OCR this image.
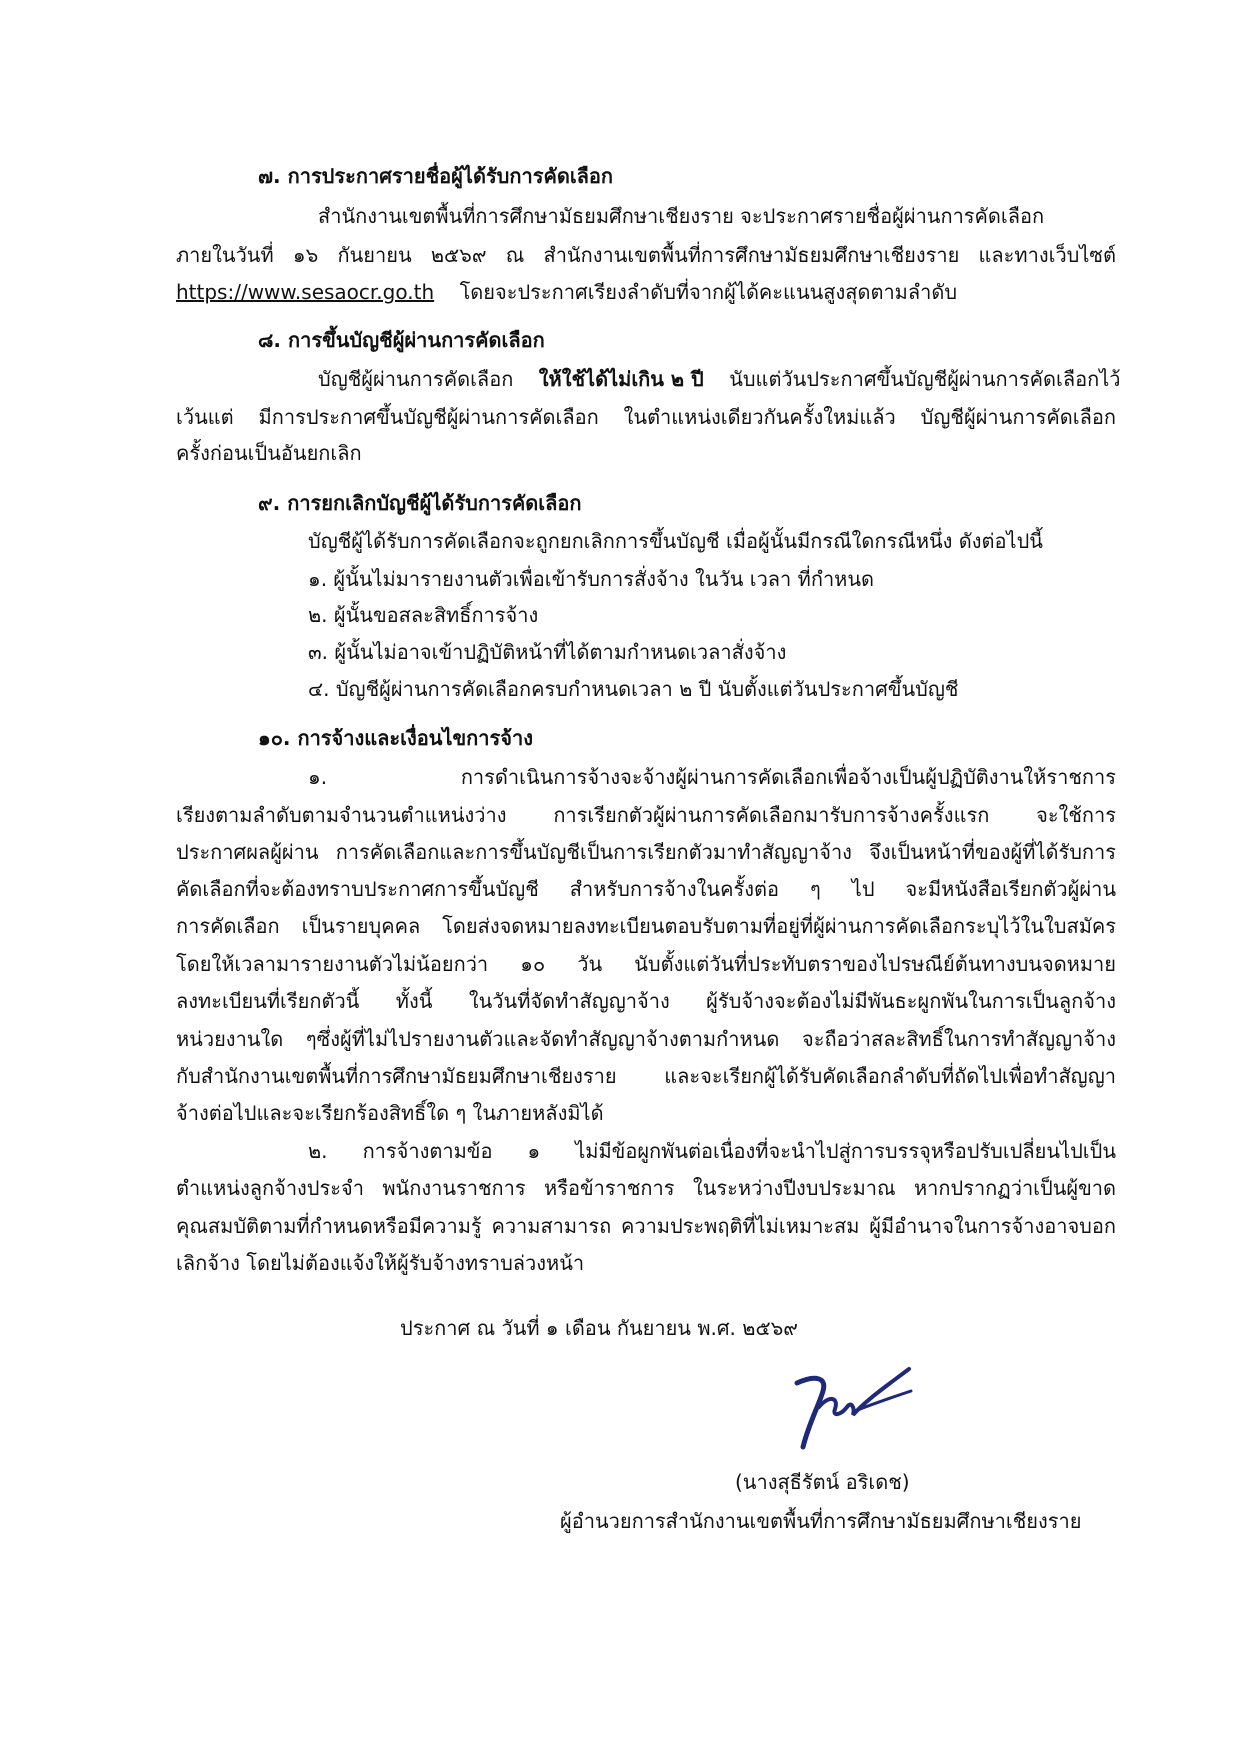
๗. การประกาศรายชื่อผู้ได้รับการคัดเลือก
สำนักงานเขตพื้นที่การศึกษามัธยมศึกษาเชียงราย จะประกาศรายชื่อผู้ผ่านการคัดเลือก
ภายในวันที่ ๑๖ กันยายน ๒๕๖๙ ณ สำนักงานเขตพื้นที่การศึกษามัธยมศึกษาเชียงราย และทางเว็บไซต์
https://www.sesaocr.go.th โดยจะประกาศเรียงลำดับที่จากผู้ได้คะแนนสูงสุดตามลำดับ
๘. การขึ้นบัญชีผู้ผ่านการคัดเลือก
บัญชีผู้ผ่านการคัดเลือก ให้ใช้ได้ไม่เกิน ๒ ปี นับแต่วันประกาศขึ้นบัญชีผู้ผ่านการคัดเลือกไว้
เว้นแต่ มีการประกาศขึ้นบัญชีผู้ผ่านการคัดเลือก ในตำแหน่งเดียวกันครั้งใหม่แล้ว บัญชีผู้ผ่านการคัดเลือก
ครั้งก่อนเป็นอันยกเลิก
๙. การยกเลิกบัญชีผู้ได้รับการคัดเลือก
บัญชีผู้ได้รับการคัดเลือกจะถูกยกเลิกการขึ้นบัญชี เมื่อผู้นั้นมีกรณีใดกรณีหนึ่ง ดังต่อไปนี้
๑. ผู้นั้นไม่มารายงานตัวเพื่อเข้ารับการสั่งจ้าง ในวัน เวลา ที่กำหนด
๒. ผู้นั้นขอสละสิทธิ์การจ้าง
๓. ผู้นั้นไม่อาจเข้าปฏิบัติหน้าที่ได้ตามกำหนดเวลาสั่งจ้าง
๔. บัญชีผู้ผ่านการคัดเลือกครบกำหนดเวลา ๒ ปี นับตั้งแต่วันประกาศขึ้นบัญชี
๑๐. การจ้างและเงื่อนไขการจ้าง
๑. การดำเนินการจ้างจะจ้างผู้ผ่านการคัดเลือกเพื่อจ้างเป็นผู้ปฏิบัติงานให้ราชการ
เรียงตามลำดับตามจำนวนตำแหน่งว่าง การเรียกตัวผู้ผ่านการคัดเลือกมารับการจ้างครั้งแรก จะใช้การ
ประกาศผลผู้ผ่าน การคัดเลือกและการขึ้นบัญชีเป็นการเรียกตัวมาทำสัญญาจ้าง จึงเป็นหน้าที่ของผู้ที่ได้รับการ
คัดเลือกที่จะต้องทราบประกาศการขึ้นบัญชี สำหรับการจ้างในครั้งต่อ ๆ ไป จะมีหนังสือเรียกตัวผู้ผ่าน
การคัดเลือก เป็นรายบุคคล โดยส่งจดหมายลงทะเบียนตอบรับตามที่อยู่ที่ผู้ผ่านการคัดเลือกระบุไว้ในใบสมัคร
โดยให้เวลามารายงานตัวไม่น้อยกว่า ๑๐ วัน นับตั้งแต่วันที่ประทับตราของไปรษณีย์ต้นทางบนจดหมาย
ลงทะเบียนที่เรียกตัวนี้ ทั้งนี้ ในวันที่จัดทำสัญญาจ้าง ผู้รับจ้างจะต้องไม่มีพันธะผูกพันในการเป็นลูกจ้าง
หน่วยงานใด ๆซึ่งผู้ที่ไม่ไปรายงานตัวและจัดทำสัญญาจ้างตามกำหนด จะถือว่าสละสิทธิ์ในการทำสัญญาจ้าง
กับสำนักงานเขตพื้นที่การศึกษามัธยมศึกษาเชียงราย และจะเรียกผู้ได้รับคัดเลือกลำดับที่ถัดไปเพื่อทำสัญญา
จ้างต่อไปและจะเรียกร้องสิทธิ์ใด ๆ ในภายหลังมิได้
๒. การจ้างตามข้อ ๑ ไม่มีข้อผูกพันต่อเนื่องที่จะนำไปสู่การบรรจุหรือปรับเปลี่ยนไปเป็น
ตำแหน่งลูกจ้างประจำ พนักงานราชการ หรือข้าราชการ ในระหว่างปีงบประมาณ หากปรากฏว่าเป็นผู้ขาด
คุณสมบัติตามที่กำหนดหรือมีความรู้ ความสามารถ ความประพฤติที่ไม่เหมาะสม ผู้มีอำนาจในการจ้างอาจบอก
เลิกจ้าง โดยไม่ต้องแจ้งให้ผู้รับจ้างทราบล่วงหน้า
ประกาศ ณ วันที่ ๑ เดือน กันยายน พ.ศ. ๒๕๖๙
(นางสุธีรัตน์ อริเดช)
ผู้อำนวยการสำนักงานเขตพื้นที่การศึกษามัธยมศึกษาเชียงราย
